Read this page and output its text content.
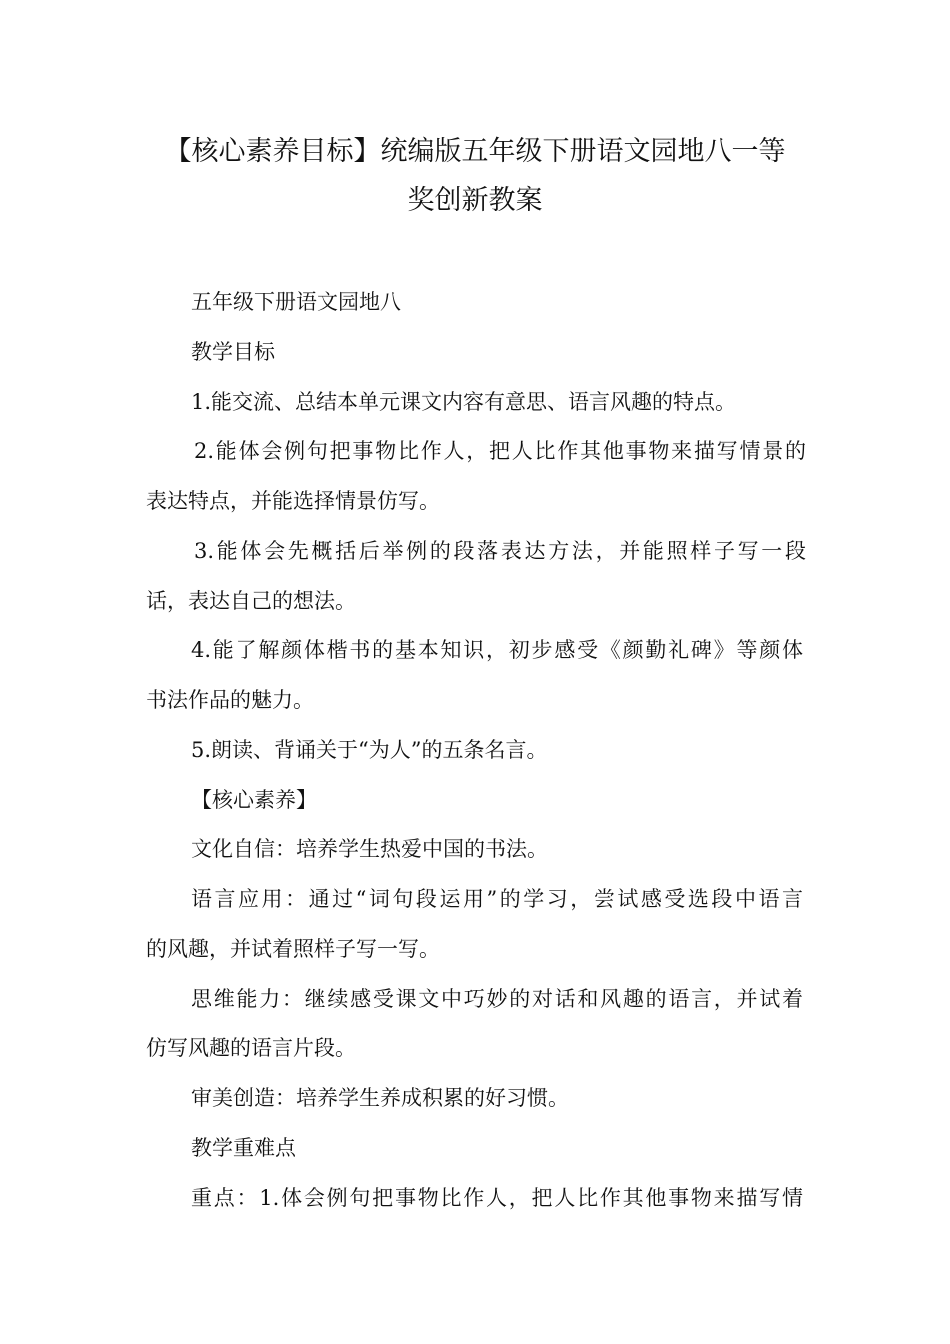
【核心素养目标】统编版五年级下册语文园地八一等
奖创新教案
五年级下册语文园地八
教学目标
1.能交流、总结本单元课文内容有意思、语言风趣的特点。
2.能体会例句把事物比作人，把人比作其他事物来描写情景的
表达特点，并能选择情景仿写。
3.能体会先概括后举例的段落表达方法，并能照样子写一段
话，表达自己的想法。
4.能了解颜体楷书的基本知识，初步感受《颜勤礼碑》等颜体
书法作品的魅力。
5.朗读、背诵关于“为人”的五条名言。
【核心素养】
文化自信：培养学生热爱中国的书法。
语言应用：通过“词句段运用”的学习，尝试感受选段中语言
的风趣，并试着照样子写一写。
思维能力：继续感受课文中巧妙的对话和风趣的语言，并试着
仿写风趣的语言片段。
审美创造：培养学生养成积累的好习惯。
教学重难点
重点：1.体会例句把事物比作人，把人比作其他事物来描写情
